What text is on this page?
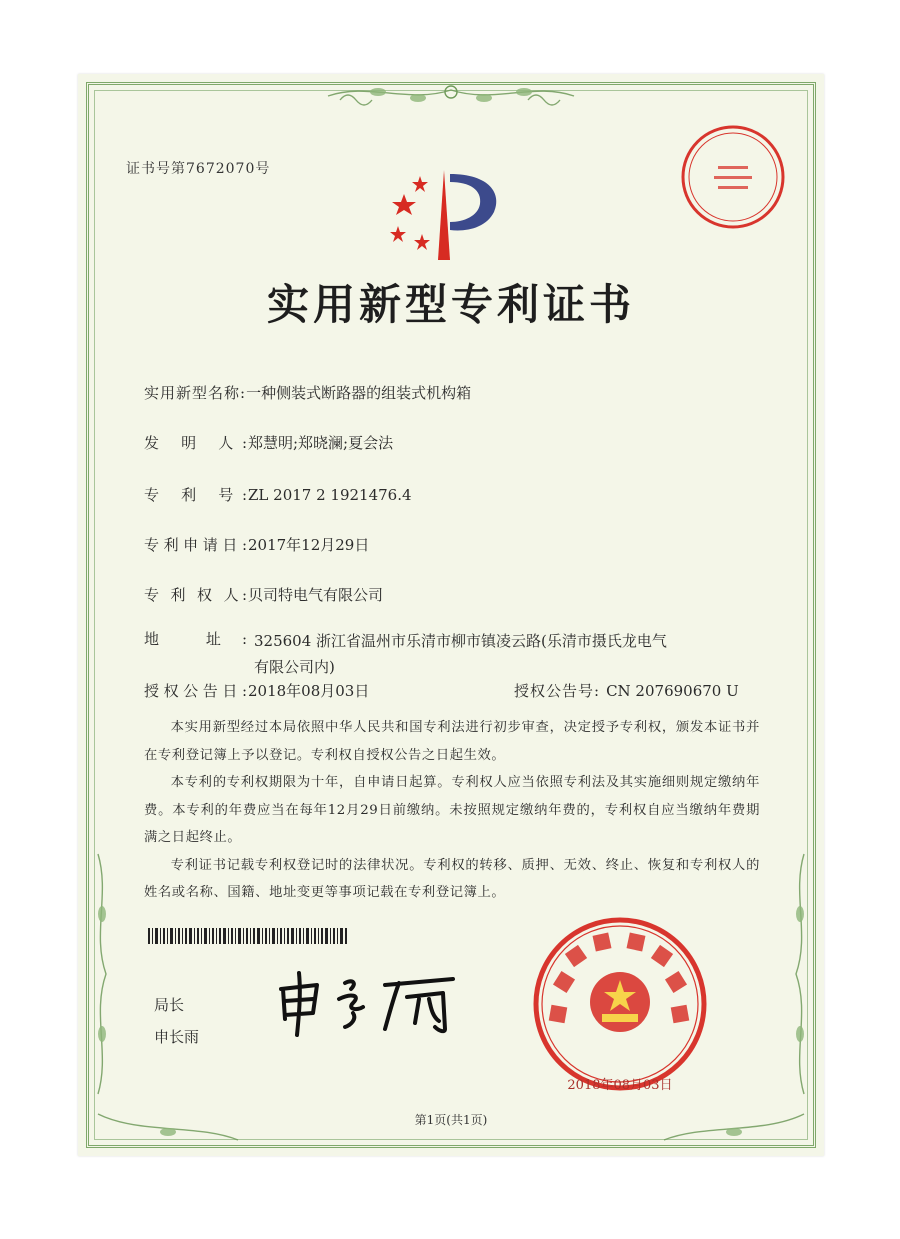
证书号第7672070号
实用新型专利证书
实用新型名称:一种侧装式断路器的组装式机构箱
发 明 人:郑慧明;郑晓澜;夏会法
专 利 号:ZL 2017 2 1921476.4
专利申请日:2017年12月29日
专 利 权 人:贝司特电气有限公司
地 址: 325604 浙江省温州市乐清市柳市镇凌云路(乐清市摄氏龙电气有限公司内)
授权公告日:2018年08月03日	授权公告号: CN 207690670 U

本实用新型经过本局依照中华人民共和国专利法进行初步审查，决定授予专利权，颁发本证书并在专利登记簿上予以登记。专利权自授权公告之日起生效。

本专利的专利权期限为十年，自申请日起算。专利权人应当依照专利法及其实施细则规定缴纳年费。本专利的年费应当在每年12月29日前缴纳。未按照规定缴纳年费的，专利权自应当缴纳年费期满之日起终止。

专利证书记载专利权登记时的法律状况。专利权的转移、质押、无效、终止、恢复和专利权人的姓名或名称、国籍、地址变更等事项记载在专利登记簿上。

局长
申长雨
2018年08月03日
第1页(共1页)
